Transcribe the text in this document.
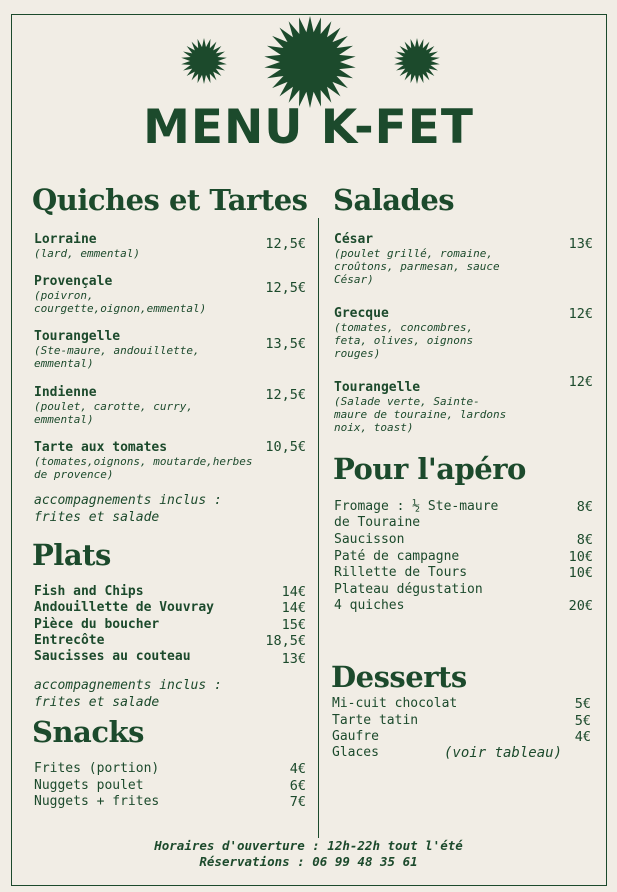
MENU K-FET
Quiches et Tartes
Lorraine
(lard, emmental)
12,5€
Provençale
(poivron,
courgette,oignon,emmental)
12,5€
Tourangelle
(Ste-maure, andouillette,
emmental)
13,5€
Indienne
(poulet, carotte, curry,
emmental)
12,5€
Tarte aux tomates
(tomates,oignons, moutarde,herbes
de provence)
10,5€
accompagnements inclus :
frites et salade
Plats
Fish and Chips	14€
Andouillette de Vouvray	14€
Pièce du boucher	15€
Entrecôte	18,5€
Saucisses au couteau	13€
accompagnements inclus :
frites et salade
Snacks
Frites (portion)	4€
Nuggets poulet	6€
Nuggets + frites	7€
Salades
César
(poulet grillé, romaine,
croûtons, parmesan, sauce
César)
13€
Grecque
(tomates, concombres,
feta, olives, oignons
rouges)
12€
Tourangelle
(Salade verte, Sainte-
maure de touraine, lardons
noix, toast)
12€
Pour l'apéro
Fromage : ½ Ste-maure
de Touraine
8€
Saucisson	8€
Paté de campagne	10€
Rillette de Tours	10€
Plateau dégustation
4 quiches	20€
Desserts
Mi-cuit chocolat	5€
Tarte tatin	5€
Gaufre	4€
Glaces	(voir tableau)
Horaires d'ouverture : 12h-22h tout l'été
Réservations : 06 99 48 35 61
